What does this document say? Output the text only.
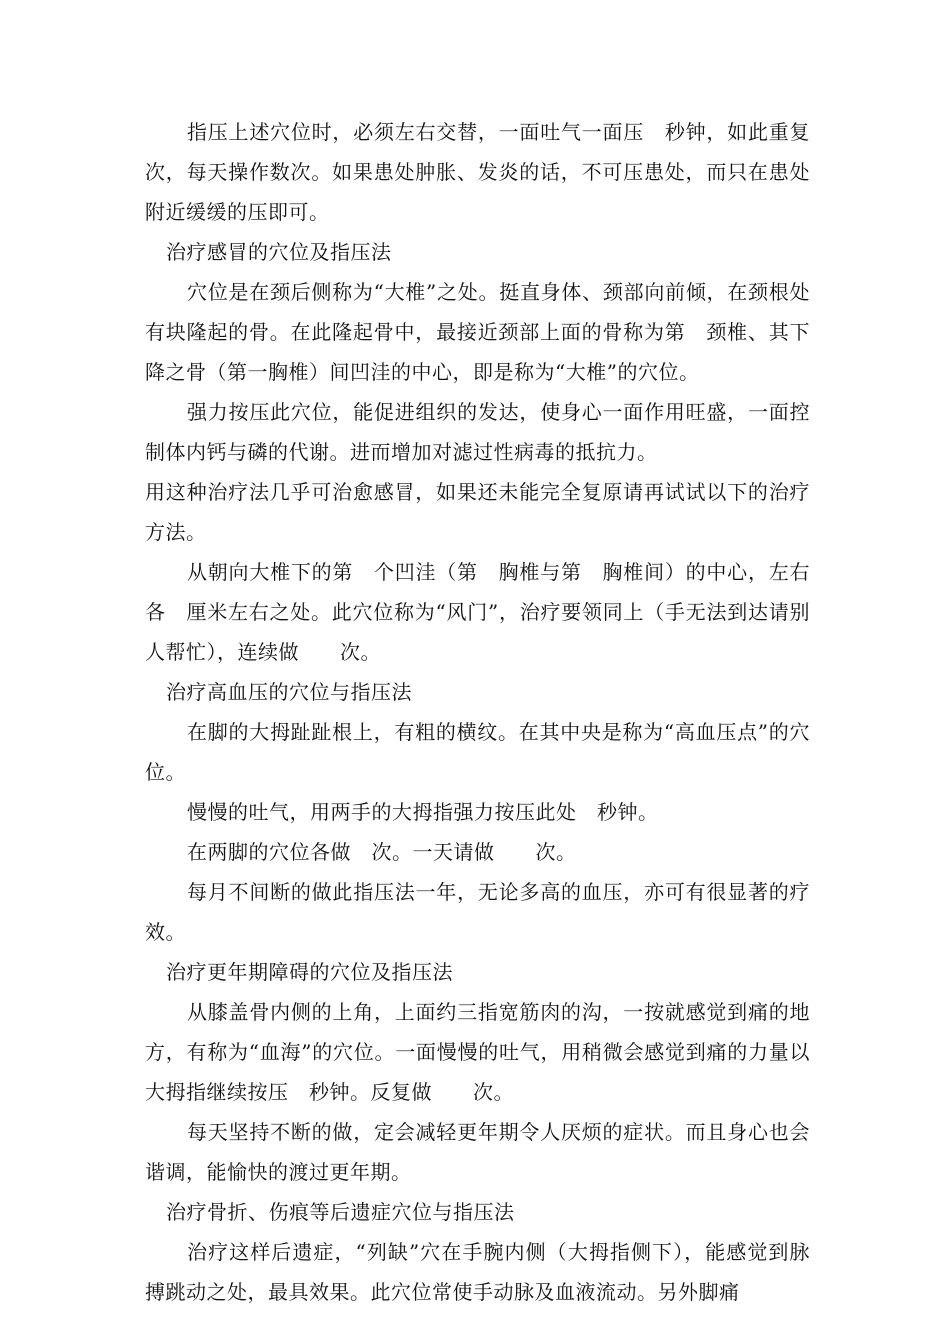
指压上述穴位时，必须左右交替，一面吐气一面压　秒钟，如此重复　　次，每天操作数次。如果患处肿胀、发炎的话，不可压患处，而只在患处附近缓缓的压即可。

治疗感冒的穴位及指压法

穴位是在颈后侧称为“大椎”之处。挺直身体、颈部向前倾，在颈根处有块隆起的骨。在此隆起骨中，最接近颈部上面的骨称为第　颈椎、其下降之骨（第一胸椎）间凹洼的中心，即是称为“大椎”的穴位。

强力按压此穴位，能促进组织的发达，使身心一面作用旺盛，一面控制体内钙与磷的代谢。进而增加对滤过性病毒的抵抗力。

用这种治疗法几乎可治愈感冒，如果还未能完全复原请再试试以下的治疗方法。

从朝向大椎下的第　个凹洼（第　胸椎与第　胸椎间）的中心，左右各　厘米左右之处。此穴位称为“风门”，治疗要领同上（手无法到达请别人帮忙），连续做　　次。

治疗高血压的穴位与指压法

在脚的大拇趾趾根上，有粗的横纹。在其中央是称为“高血压点”的穴位。

慢慢的吐气，用两手的大拇指强力按压此处　秒钟。

在两脚的穴位各做　次。一天请做　　次。

每月不间断的做此指压法一年，无论多高的血压，亦可有很显著的疗效。

治疗更年期障碍的穴位及指压法

从膝盖骨内侧的上角，上面约三指宽筋肉的沟，一按就感觉到痛的地方，有称为“血海”的穴位。一面慢慢的吐气，用稍微会感觉到痛的力量以大拇指继续按压　秒钟。反复做　　次。

每天坚持不断的做，定会减轻更年期令人厌烦的症状。而且身心也会谐调，能愉快的渡过更年期。

治疗骨折、伤痕等后遗症穴位与指压法

治疗这样后遗症，“列缺”穴在手腕内侧（大拇指侧下），能感觉到脉搏跳动之处，最具效果。此穴位常使手动脉及血液流动。另外脚痛
